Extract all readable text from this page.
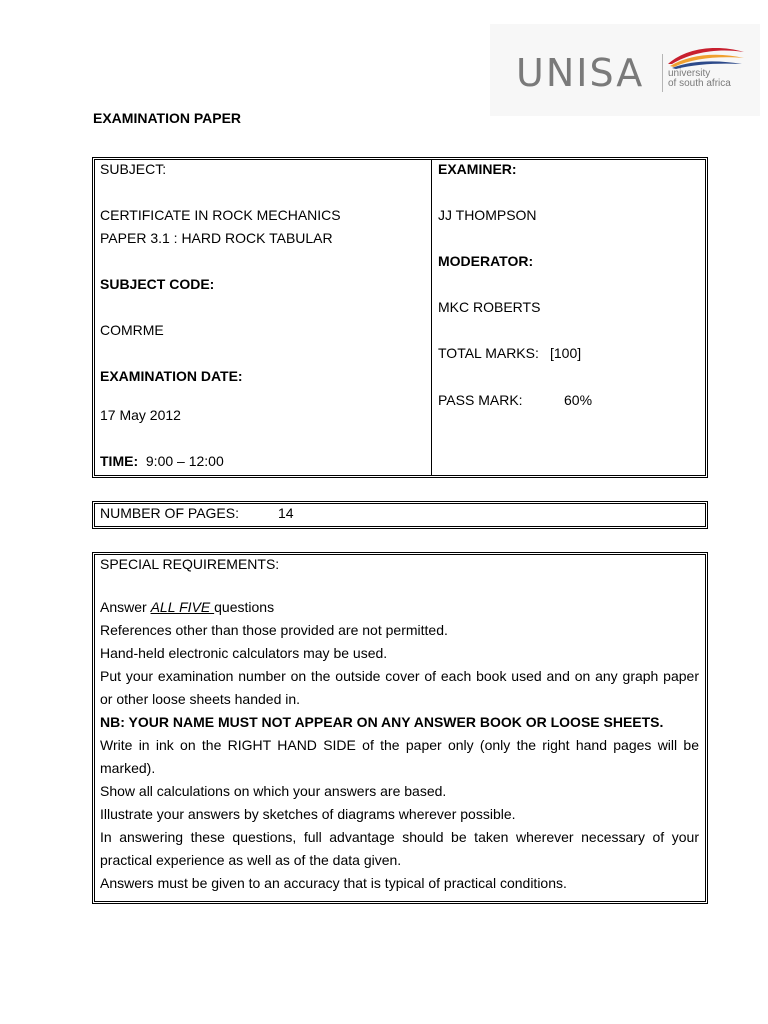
UNISA university
of south africa
EXAMINATION PAPER
SUBJECT:
CERTIFICATE IN ROCK MECHANICS
PAPER 3.1 : HARD ROCK TABULAR
SUBJECT CODE:
COMRME
EXAMINATION DATE:
17 May 2012
TIME: 9:00 – 12:00
EXAMINER:
JJ THOMPSON
MODERATOR:
MKC ROBERTS
TOTAL MARKS: [100]
PASS MARK:	60%
NUMBER OF PAGES:	14
SPECIAL REQUIREMENTS:
Answer ALL FIVE questions
References other than those provided are not permitted.
Hand-held electronic calculators may be used.
Put your examination number on the outside cover of each book used and on any graph paper
or other loose sheets handed in.
NB: YOUR NAME MUST NOT APPEAR ON ANY ANSWER BOOK OR LOOSE SHEETS.
Write in ink on the RIGHT HAND SIDE of the paper only (only the right hand pages will be
marked).
Show all calculations on which your answers are based.
Illustrate your answers by sketches of diagrams wherever possible.
In answering these questions, full advantage should be taken wherever necessary of your
practical experience as well as of the data given.
Answers must be given to an accuracy that is typical of practical conditions.
